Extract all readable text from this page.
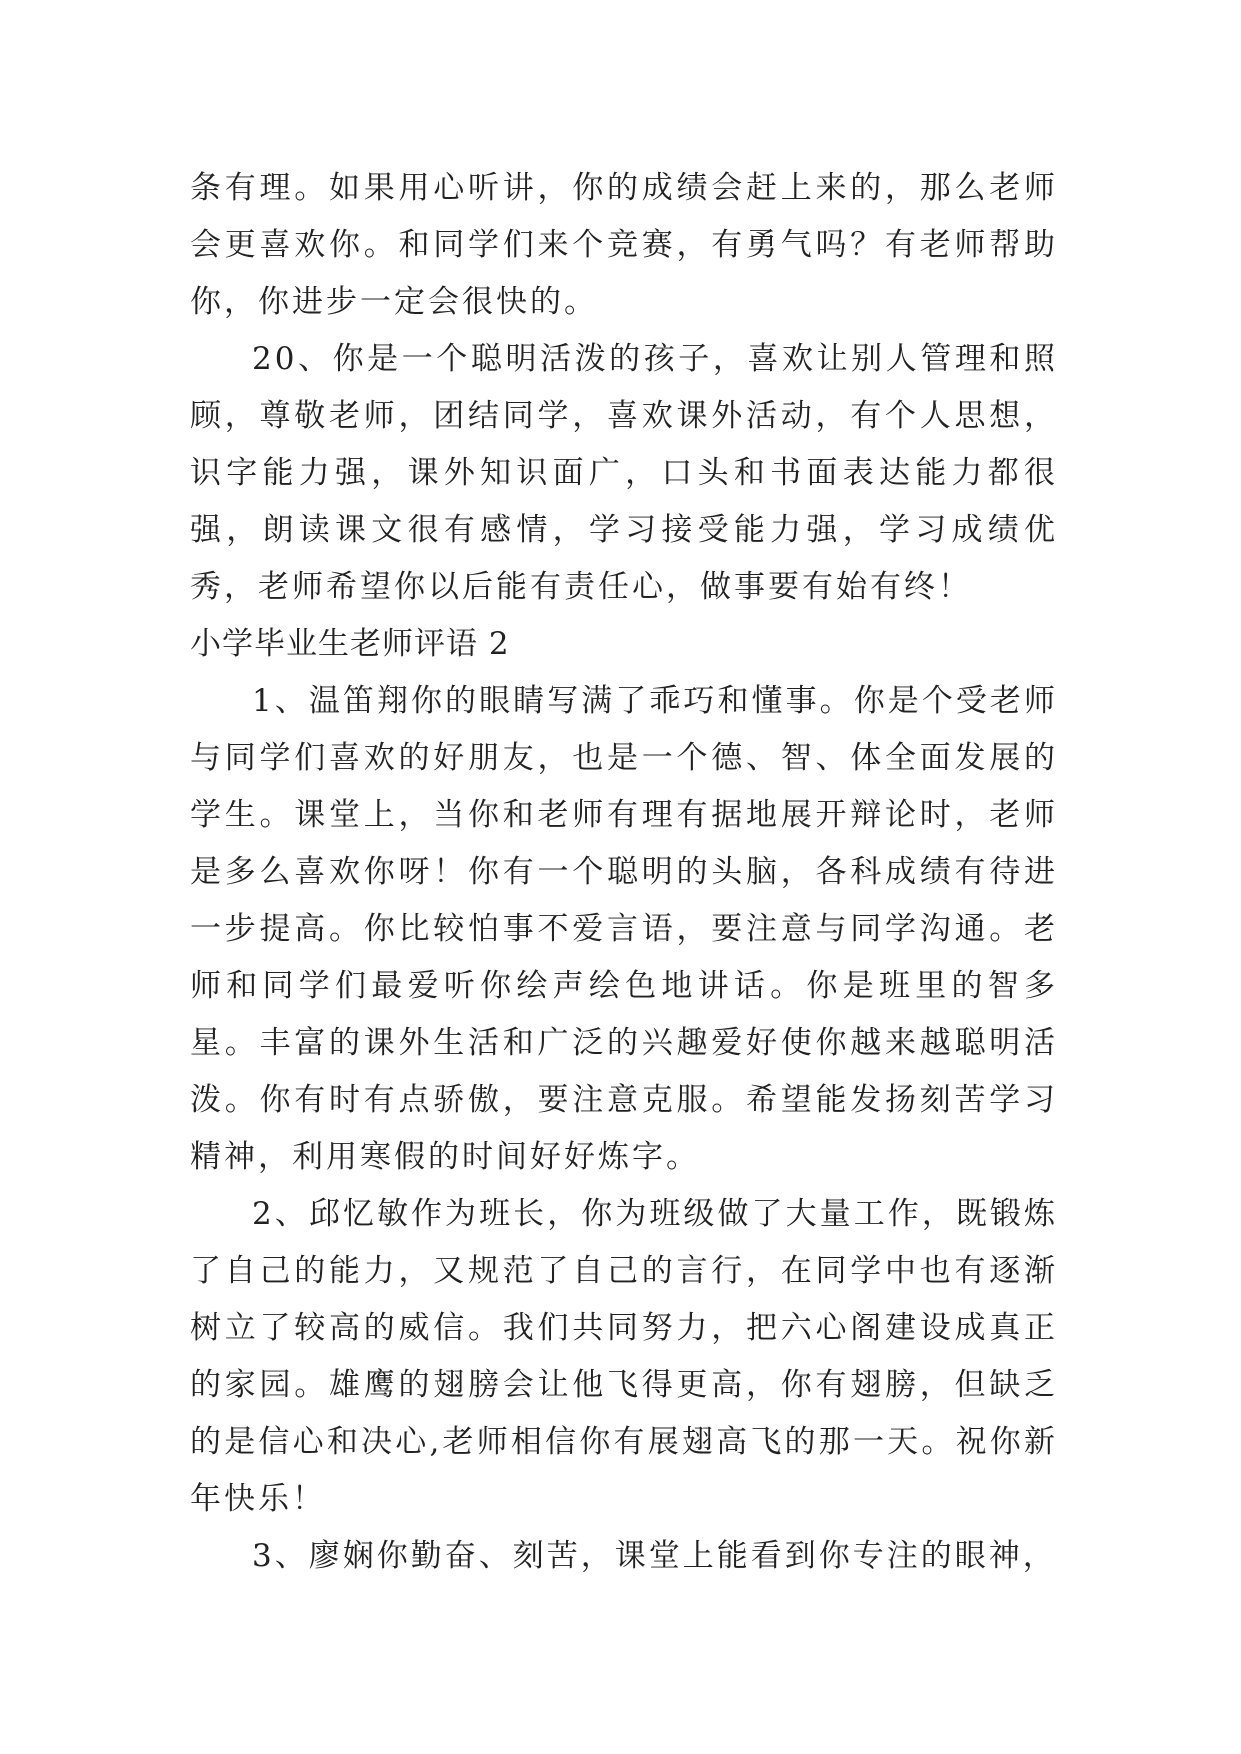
条有理。如果用心听讲，你的成绩会赶上来的，那么老师会更喜欢你。和同学们来个竞赛，有勇气吗？有老师帮助你，你进步一定会很快的。

20、你是一个聪明活泼的孩子，喜欢让别人管理和照顾，尊敬老师，团结同学，喜欢课外活动，有个人思想，识字能力强，课外知识面广，口头和书面表达能力都很强，朗读课文很有感情，学习接受能力强，学习成绩优秀，老师希望你以后能有责任心，做事要有始有终！

小学毕业生老师评语 2

1、温笛翔你的眼睛写满了乖巧和懂事。你是个受老师与同学们喜欢的好朋友，也是一个德、智、体全面发展的学生。课堂上，当你和老师有理有据地展开辩论时，老师是多么喜欢你呀！你有一个聪明的头脑，各科成绩有待进一步提高。你比较怕事不爱言语，要注意与同学沟通。老师和同学们最爱听你绘声绘色地讲话。你是班里的智多星。丰富的课外生活和广泛的兴趣爱好使你越来越聪明活泼。你有时有点骄傲，要注意克服。希望能发扬刻苦学习精神，利用寒假的时间好好炼字。

2、邱忆敏作为班长，你为班级做了大量工作，既锻炼了自己的能力，又规范了自己的言行，在同学中也有逐渐树立了较高的威信。我们共同努力，把六心阁建设成真正的家园。雄鹰的翅膀会让他飞得更高，你有翅膀，但缺乏的是信心和决心,老师相信你有展翅高飞的那一天。祝你新年快乐！

3、廖娴你勤奋、刻苦，课堂上能看到你专注的眼神，
